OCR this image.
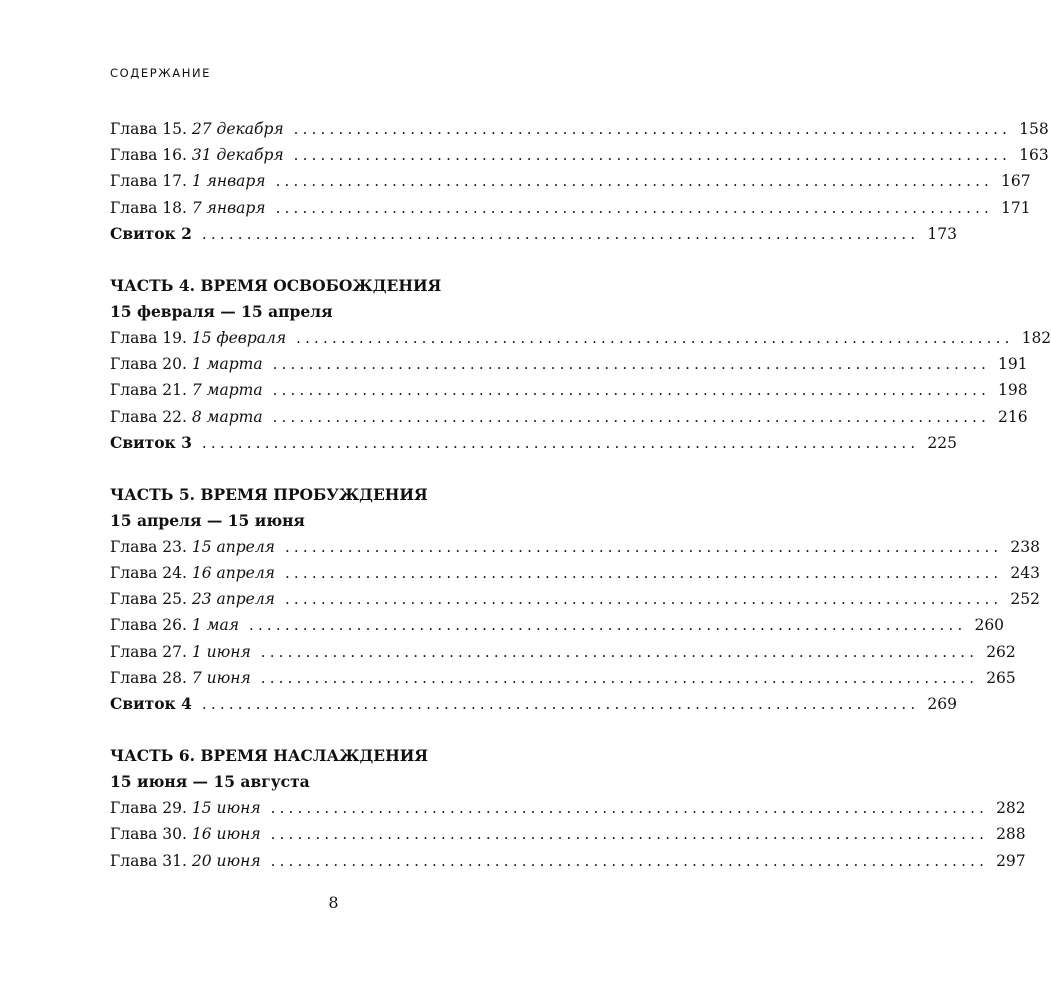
СОДЕРЖАНИЕ
Глава 15. 27 декабря ................................................................................ 158
Глава 16. 31 декабря ................................................................................ 163
Глава 17. 1 января ................................................................................ 167
Глава 18. 7 января ................................................................................ 171
Свиток 2 ................................................................................ 173
ЧАСТЬ 4. ВРЕМЯ ОСВОБОЖДЕНИЯ
15 февраля — 15 апреля
Глава 19. 15 февраля ................................................................................ 182
Глава 20. 1 марта ................................................................................ 191
Глава 21. 7 марта ................................................................................ 198
Глава 22. 8 марта ................................................................................ 216
Свиток 3 ................................................................................ 225
ЧАСТЬ 5. ВРЕМЯ ПРОБУЖДЕНИЯ
15 апреля — 15 июня
Глава 23. 15 апреля ................................................................................ 238
Глава 24. 16 апреля ................................................................................ 243
Глава 25. 23 апреля ................................................................................ 252
Глава 26. 1 мая ................................................................................ 260
Глава 27. 1 июня ................................................................................ 262
Глава 28. 7 июня ................................................................................ 265
Свиток 4 ................................................................................ 269
ЧАСТЬ 6. ВРЕМЯ НАСЛАЖДЕНИЯ
15 июня — 15 августа
Глава 29. 15 июня ................................................................................ 282
Глава 30. 16 июня ................................................................................ 288
Глава 31. 20 июня ................................................................................ 297
8
